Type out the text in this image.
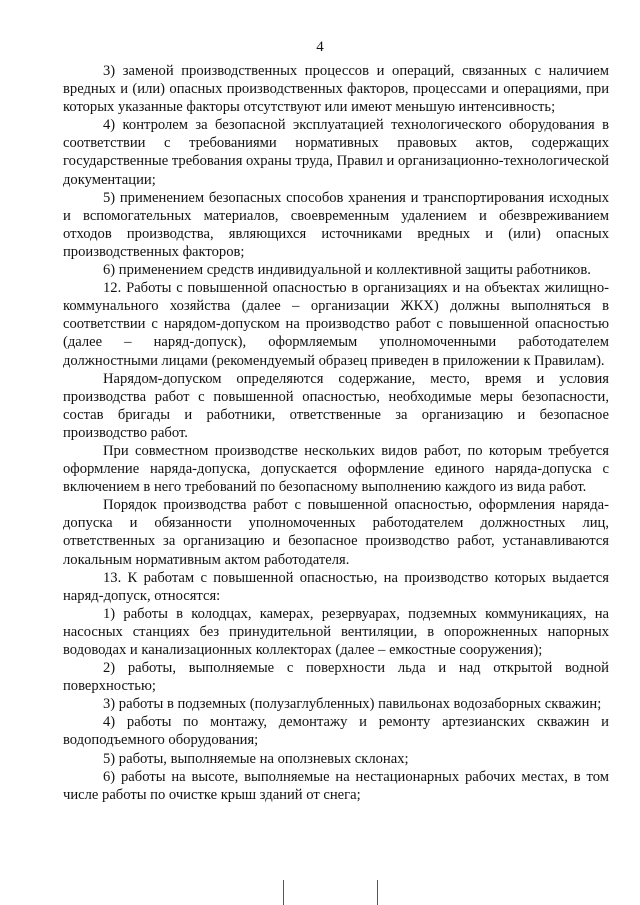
4

3) заменой производственных процессов и операций, связанных с наличием вредных и (или) опасных производственных факторов, процессами и операциями, при которых указанные факторы отсутствуют или имеют меньшую интенсивность;

4) контролем за безопасной эксплуатацией технологического оборудования в соответствии с требованиями нормативных правовых актов, содержащих государственные требования охраны труда, Правил и организационно-технологической документации;

5) применением безопасных способов хранения и транспортирования исходных и вспомогательных материалов, своевременным удалением и обезвреживанием отходов производства, являющихся источниками вредных и (или) опасных производственных факторов;

6) применением средств индивидуальной и коллективной защиты работников.

12. Работы с повышенной опасностью в организациях и на объектах жилищно-коммунального хозяйства (далее – организации ЖКХ) должны выполняться в соответствии с нарядом-допуском на производство работ с повышенной опасностью (далее – наряд-допуск), оформляемым уполномоченными работодателем должностными лицами (рекомендуемый образец приведен в приложении к Правилам).

Нарядом-допуском определяются содержание, место, время и условия производства работ с повышенной опасностью, необходимые меры безопасности, состав бригады и работники, ответственные за организацию и безопасное производство работ.

При совместном производстве нескольких видов работ, по которым требуется оформление наряда-допуска, допускается оформление единого наряда-допуска с включением в него требований по безопасному выполнению каждого из вида работ.

Порядок производства работ с повышенной опасностью, оформления наряда-допуска и обязанности уполномоченных работодателем должностных лиц, ответственных за организацию и безопасное производство работ, устанавливаются локальным нормативным актом работодателя.

13. К работам с повышенной опасностью, на производство которых выдается наряд-допуск, относятся:

1) работы в колодцах, камерах, резервуарах, подземных коммуникациях, на насосных станциях без принудительной вентиляции, в опорожненных напорных водоводах и канализационных коллекторах (далее – емкостные сооружения);

2) работы, выполняемые с поверхности льда и над открытой водной поверхностью;

3) работы в подземных (полузаглубленных) павильонах водозаборных скважин;

4) работы по монтажу, демонтажу и ремонту артезианских скважин и водоподъемного оборудования;

5) работы, выполняемые на оползневых склонах;

6) работы на высоте, выполняемые на нестационарных рабочих местах, в том числе работы по очистке крыш зданий от снега;
